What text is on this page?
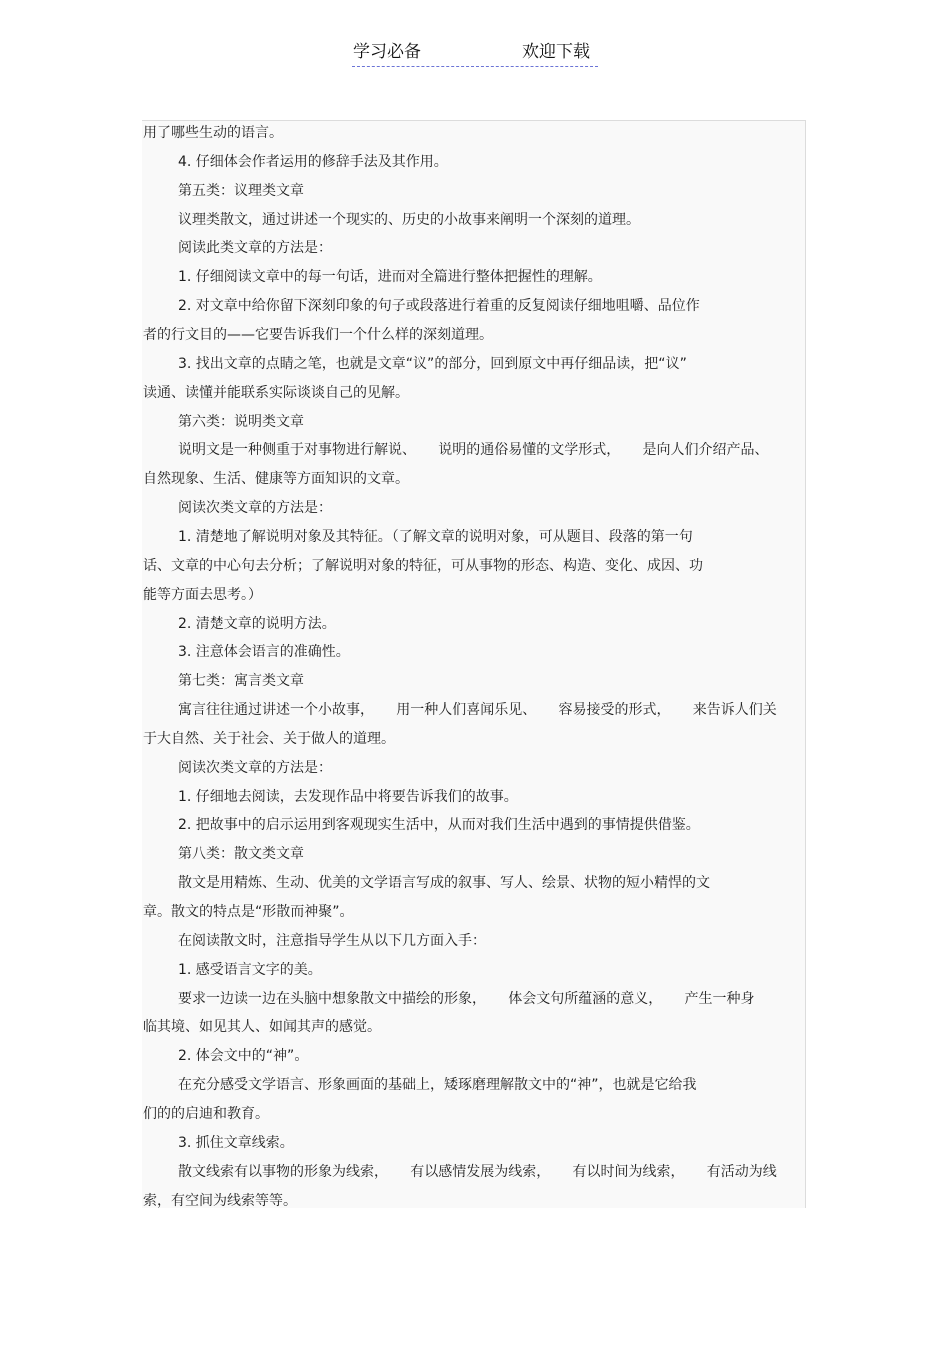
学习必备	欢迎下载
用了哪些生动的语言。
4. 仔细体会作者运用的修辞手法及其作用。
第五类：议理类文章
议理类散文，通过讲述一个现实的、历史的小故事来阐明一个深刻的道理。
阅读此类文章的方法是：
1. 仔细阅读文章中的每一句话，进而对全篇进行整体把握性的理解。
2. 对文章中给你留下深刻印象的句子或段落进行着重的反复阅读仔细地咀嚼、品位作
者的行文目的——它要告诉我们一个什么样的深刻道理。
3. 找出文章的点睛之笔，也就是文章“议”的部分，回到原文中再仔细品读，把“议”
读通、读懂并能联系实际谈谈自己的见解。
第六类：说明类文章
说明文是一种侧重于对事物进行解说、     说明的通俗易懂的文学形式，     是向人们介绍产品、
自然现象、生活、健康等方面知识的文章。
阅读次类文章的方法是：
1. 清楚地了解说明对象及其特征。（了解文章的说明对象，可从题目、段落的第一句
话、文章的中心句去分析；了解说明对象的特征，可从事物的形态、构造、变化、成因、功
能等方面去思考。）
2. 清楚文章的说明方法。
3. 注意体会语言的准确性。
第七类：寓言类文章
寓言往往通过讲述一个小故事，     用一种人们喜闻乐见、     容易接受的形式，     来告诉人们关
于大自然、关于社会、关于做人的道理。
阅读次类文章的方法是：
1. 仔细地去阅读，去发现作品中将要告诉我们的故事。
2. 把故事中的启示运用到客观现实生活中，从而对我们生活中遇到的事情提供借鉴。
第八类：散文类文章
散文是用精炼、生动、优美的文学语言写成的叙事、写人、绘景、状物的短小精悍的文
章。散文的特点是“形散而神聚”。
在阅读散文时，注意指导学生从以下几方面入手：
1. 感受语言文字的美。
要求一边读一边在头脑中想象散文中描绘的形象，     体会文句所蕴涵的意义，     产生一种身
临其境、如见其人、如闻其声的感觉。
2. 体会文中的“神”。
在充分感受文学语言、形象画面的基础上，矮琢磨理解散文中的“神”，也就是它给我
们的的启迪和教育。
3. 抓住文章线索。
散文线索有以事物的形象为线索，     有以感情发展为线索，     有以时间为线索，     有活动为线
索，有空间为线索等等。
